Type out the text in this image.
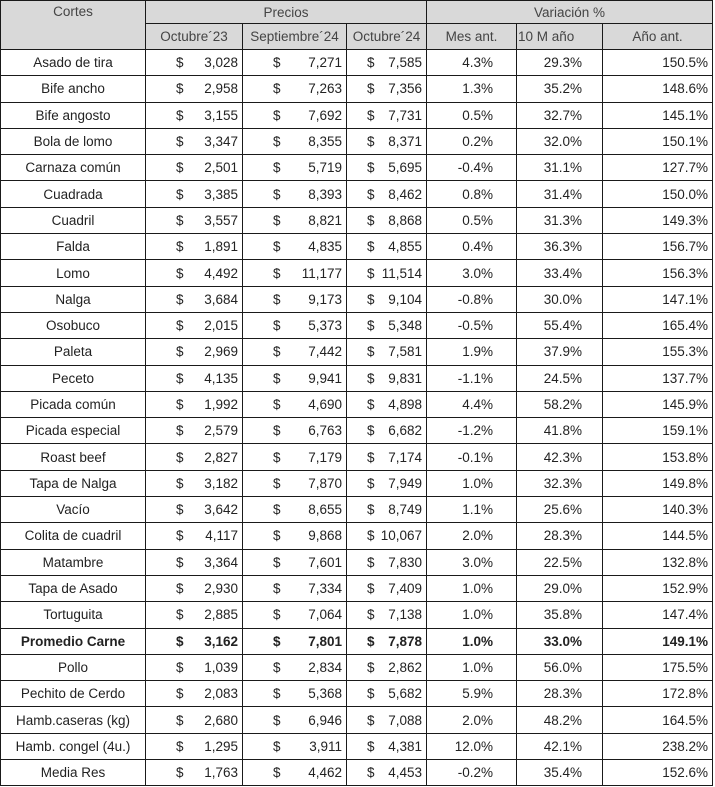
Cortes	Precios			Variación %		
	Octubre´23	Septiembre´24	Octubre´24	Mes ant.	10 M año	Año ant.
Asado de tira	$ 3,028	$ 7,271	$ 7,585	4.3%	29.3%	150.5%
Bife ancho	$ 2,958	$ 7,263	$ 7,356	1.3%	35.2%	148.6%
Bife angosto	$ 3,155	$ 7,692	$ 7,731	0.5%	32.7%	145.1%
Bola de lomo	$ 3,347	$ 8,355	$ 8,371	0.2%	32.0%	150.1%
Carnaza común	$ 2,501	$ 5,719	$ 5,695	-0.4%	31.1%	127.7%
Cuadrada	$ 3,385	$ 8,393	$ 8,462	0.8%	31.4%	150.0%
Cuadril	$ 3,557	$ 8,821	$ 8,868	0.5%	31.3%	149.3%
Falda	$ 1,891	$ 4,835	$ 4,855	0.4%	36.3%	156.7%
Lomo	$ 4,492	$ 11,177	$ 11,514	3.0%	33.4%	156.3%
Nalga	$ 3,684	$ 9,173	$ 9,104	-0.8%	30.0%	147.1%
Osobuco	$ 2,015	$ 5,373	$ 5,348	-0.5%	55.4%	165.4%
Paleta	$ 2,969	$ 7,442	$ 7,581	1.9%	37.9%	155.3%
Peceto	$ 4,135	$ 9,941	$ 9,831	-1.1%	24.5%	137.7%
Picada común	$ 1,992	$ 4,690	$ 4,898	4.4%	58.2%	145.9%
Picada especial	$ 2,579	$ 6,763	$ 6,682	-1.2%	41.8%	159.1%
Roast beef	$ 2,827	$ 7,179	$ 7,174	-0.1%	42.3%	153.8%
Tapa de Nalga	$ 3,182	$ 7,870	$ 7,949	1.0%	32.3%	149.8%
Vacío	$ 3,642	$ 8,655	$ 8,749	1.1%	25.6%	140.3%
Colita de cuadril	$ 4,117	$ 9,868	$ 10,067	2.0%	28.3%	144.5%
Matambre	$ 3,364	$ 7,601	$ 7,830	3.0%	22.5%	132.8%
Tapa de Asado	$ 2,930	$ 7,334	$ 7,409	1.0%	29.0%	152.9%
Tortuguita	$ 2,885	$ 7,064	$ 7,138	1.0%	35.8%	147.4%
Promedio Carne	$ 3,162	$ 7,801	$ 7,878	1.0%	33.0%	149.1%
Pollo	$ 1,039	$ 2,834	$ 2,862	1.0%	56.0%	175.5%
Pechito de Cerdo	$ 2,083	$ 5,368	$ 5,682	5.9%	28.3%	172.8%
Hamb.caseras (kg)	$ 2,680	$ 6,946	$ 7,088	2.0%	48.2%	164.5%
Hamb. congel (4u.)	$ 1,295	$ 3,911	$ 4,381	12.0%	42.1%	238.2%
Media Res	$ 1,763	$ 4,462	$ 4,453	-0.2%	35.4%	152.6%
